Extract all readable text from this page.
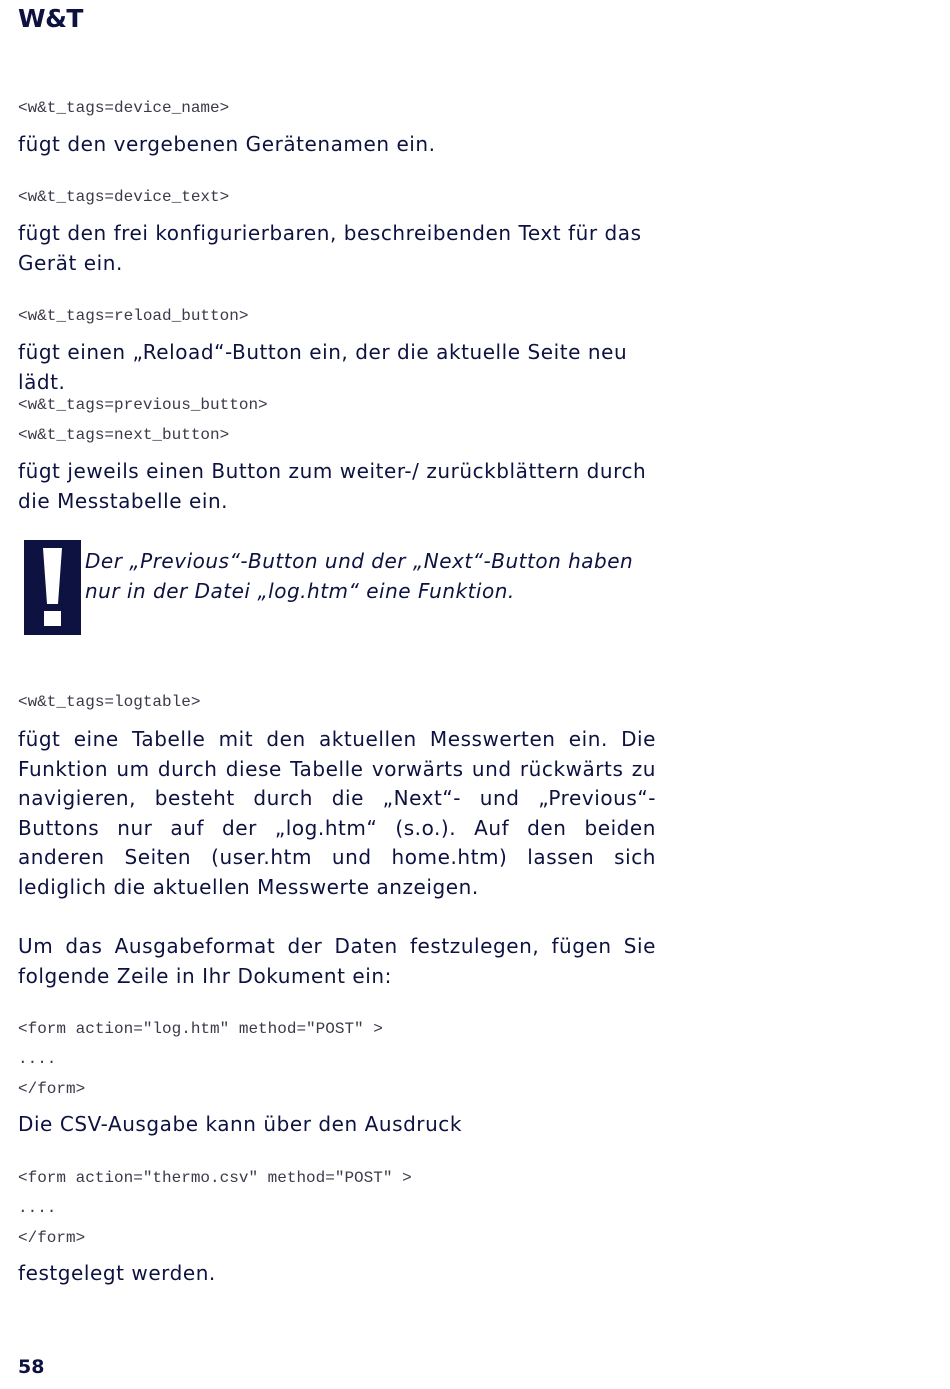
W&T
<w&t_tags=device_name>
fügt den vergebenen Gerätenamen ein.
<w&t_tags=device_text>
fügt den frei konfigurierbaren, beschreibenden Text für das Gerät ein.
<w&t_tags=reload_button>
fügt einen „Reload“-Button ein, der die aktuelle Seite neu lädt.
<w&t_tags=previous_button>
<w&t_tags=next_button>
fügt jeweils einen Button zum weiter-/ zurückblättern durch die Messtabelle ein.
Der „Previous“-Button und der „Next“-Button haben nur in der Datei „log.htm“ eine Funktion.
<w&t_tags=logtable>
fügt eine Tabelle mit den aktuellen Messwerten ein. Die Funktion um durch diese Tabelle vorwärts und rückwärts zu navigieren, besteht durch die „Next“- und „Previous“-Buttons nur auf der „log.htm“ (s.o.). Auf den beiden anderen Seiten (user.htm und home.htm) lassen sich lediglich die aktuellen Messwerte anzeigen.
Um das Ausgabeformat der Daten festzulegen, fügen Sie folgende Zeile in Ihr Dokument ein:
<form action="log.htm" method="POST" >
....
</form>
Die CSV-Ausgabe kann über den Ausdruck
<form action="thermo.csv" method="POST" >
....
</form>
festgelegt werden.
58
